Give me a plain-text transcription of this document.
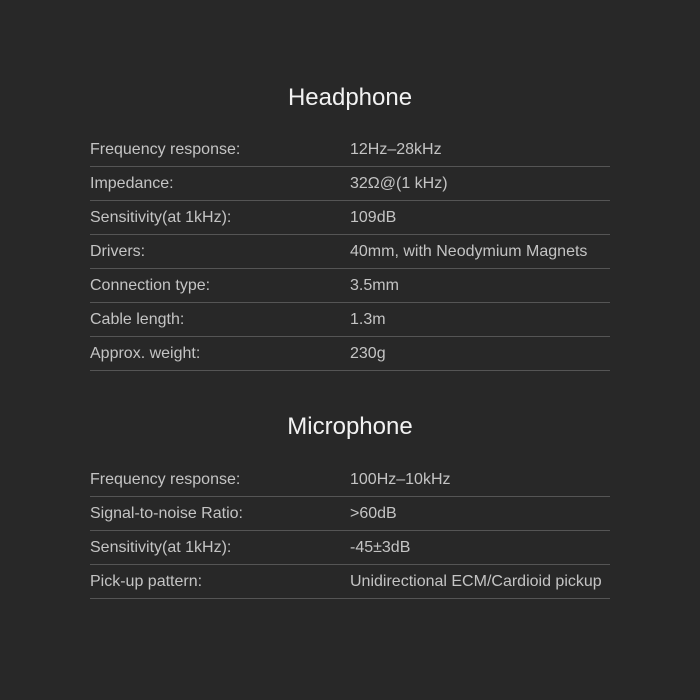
Headphone
Frequency response:	12Hz–28kHz
Impedance:	32Ω@(1 kHz)
Sensitivity(at 1kHz):	109dB
Drivers:	40mm, with Neodymium Magnets
Connection type:	3.5mm
Cable length:	1.3m
Approx. weight:	230g
Microphone
Frequency response:	100Hz–10kHz
Signal-to-noise Ratio:	>60dB
Sensitivity(at 1kHz):	-45±3dB
Pick-up pattern:	Unidirectional ECM/Cardioid pickup
